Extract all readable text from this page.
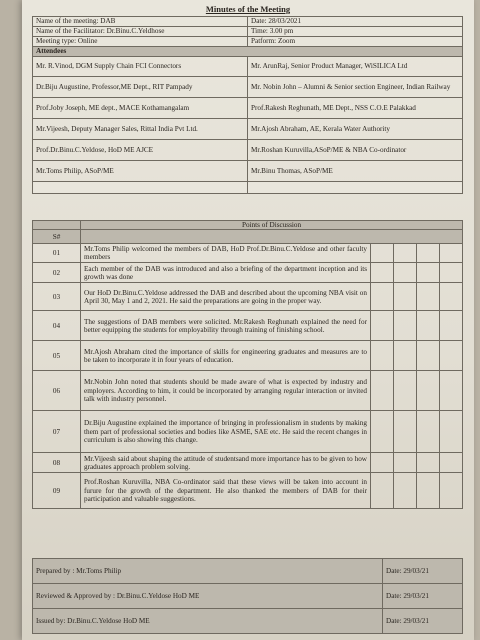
Minutes of the Meeting
Name of the meeting: DAB	Date: 28/03/2021
Name of the Facilitator: Dr.Binu.C.Yeldhose	Time: 3.00 pm
Meeting type: Online	Patform: Zoom
Attendees	
Mr. R.Vinod, DGM Supply Chain FCI Connectors	Mr. ArunRaj, Senior Product Manager, WiSILICA Ltd
Dr.Biju Augustine, Professor,ME Dept., RIT Pampady	Mr. Nobin John – Alumni & Senior section Engineer, Indian Railway
Prof.Joby Joseph, ME dept., MACE Kothamangalam	Prof.Rakesh Reghunath, ME Dept., NSS C.O.E Palakkad
Mr.Vijeesh, Deputy Manager Sales, Rittal India Pvt Ltd.	Mr.Ajosh Abraham, AE, Kerala Water Authority
Prof.Dr.Binu.C.Yeldose, HoD ME AJCE	Mr.Roshan Kuruvilla,ASoP/ME & NBA Co-ordinator
Mr.Toms Philip, ASoP/ME	Mr.Binu Thomas, ASoP/ME

	Points of Discussion				
S#					
01	Mr.Toms Philip welcomed the members of DAB, HoD Prof.Dr.Binu.C.Yeldose and other faculty members				
02	Each member of the DAB was introduced and also a briefing of the department inception and its growth was done				
03	Our HoD Dr.Binu.C.Yeldose addressed the DAB and described about the upcoming NBA visit on April 30, May 1 and 2, 2021. He said the preparations are going in the proper way.				
04	The suggestions of DAB members were solicited. Mr.Rakesh Reghunath explained the need for better equipping the students for employability through training of finishing school.				
05	Mr.Ajosh Abraham cited the importance of skills for engineering graduates and measures are to be taken to incorporate it in four years of education.				
06	Mr.Nobin John noted that students should be made aware of what is expected by industry and employers. According to him, it could be incorporated by arranging regular interaction or invited talk with industry personnel.				
07	Dr.Biju Augustine explained the importance of bringing in professionalism in students by making them part of professional societies and bodies like ASME, SAE etc. He said the recent changes in curriculum is also showing this change.				
08	Mr.Vijeesh said about shaping the attitude of studentsand more importance has to be given to how graduates approach problem solving.				
09	Prof.Roshan Kuruvilla, NBA Co-ordinator said that these views will be taken into account in furure for the growth of the department. He also thanked the members of DAB for their participation and valuable suggestions.				
Prepared by : Mr.Toms Philip	Date: 29/03/21
Reviewed & Approved by : Dr.Binu.C.Yeldose HoD ME	Date: 29/03/21
Issued by: Dr.Binu.C.Yeldose HoD ME	Date: 29/03/21
